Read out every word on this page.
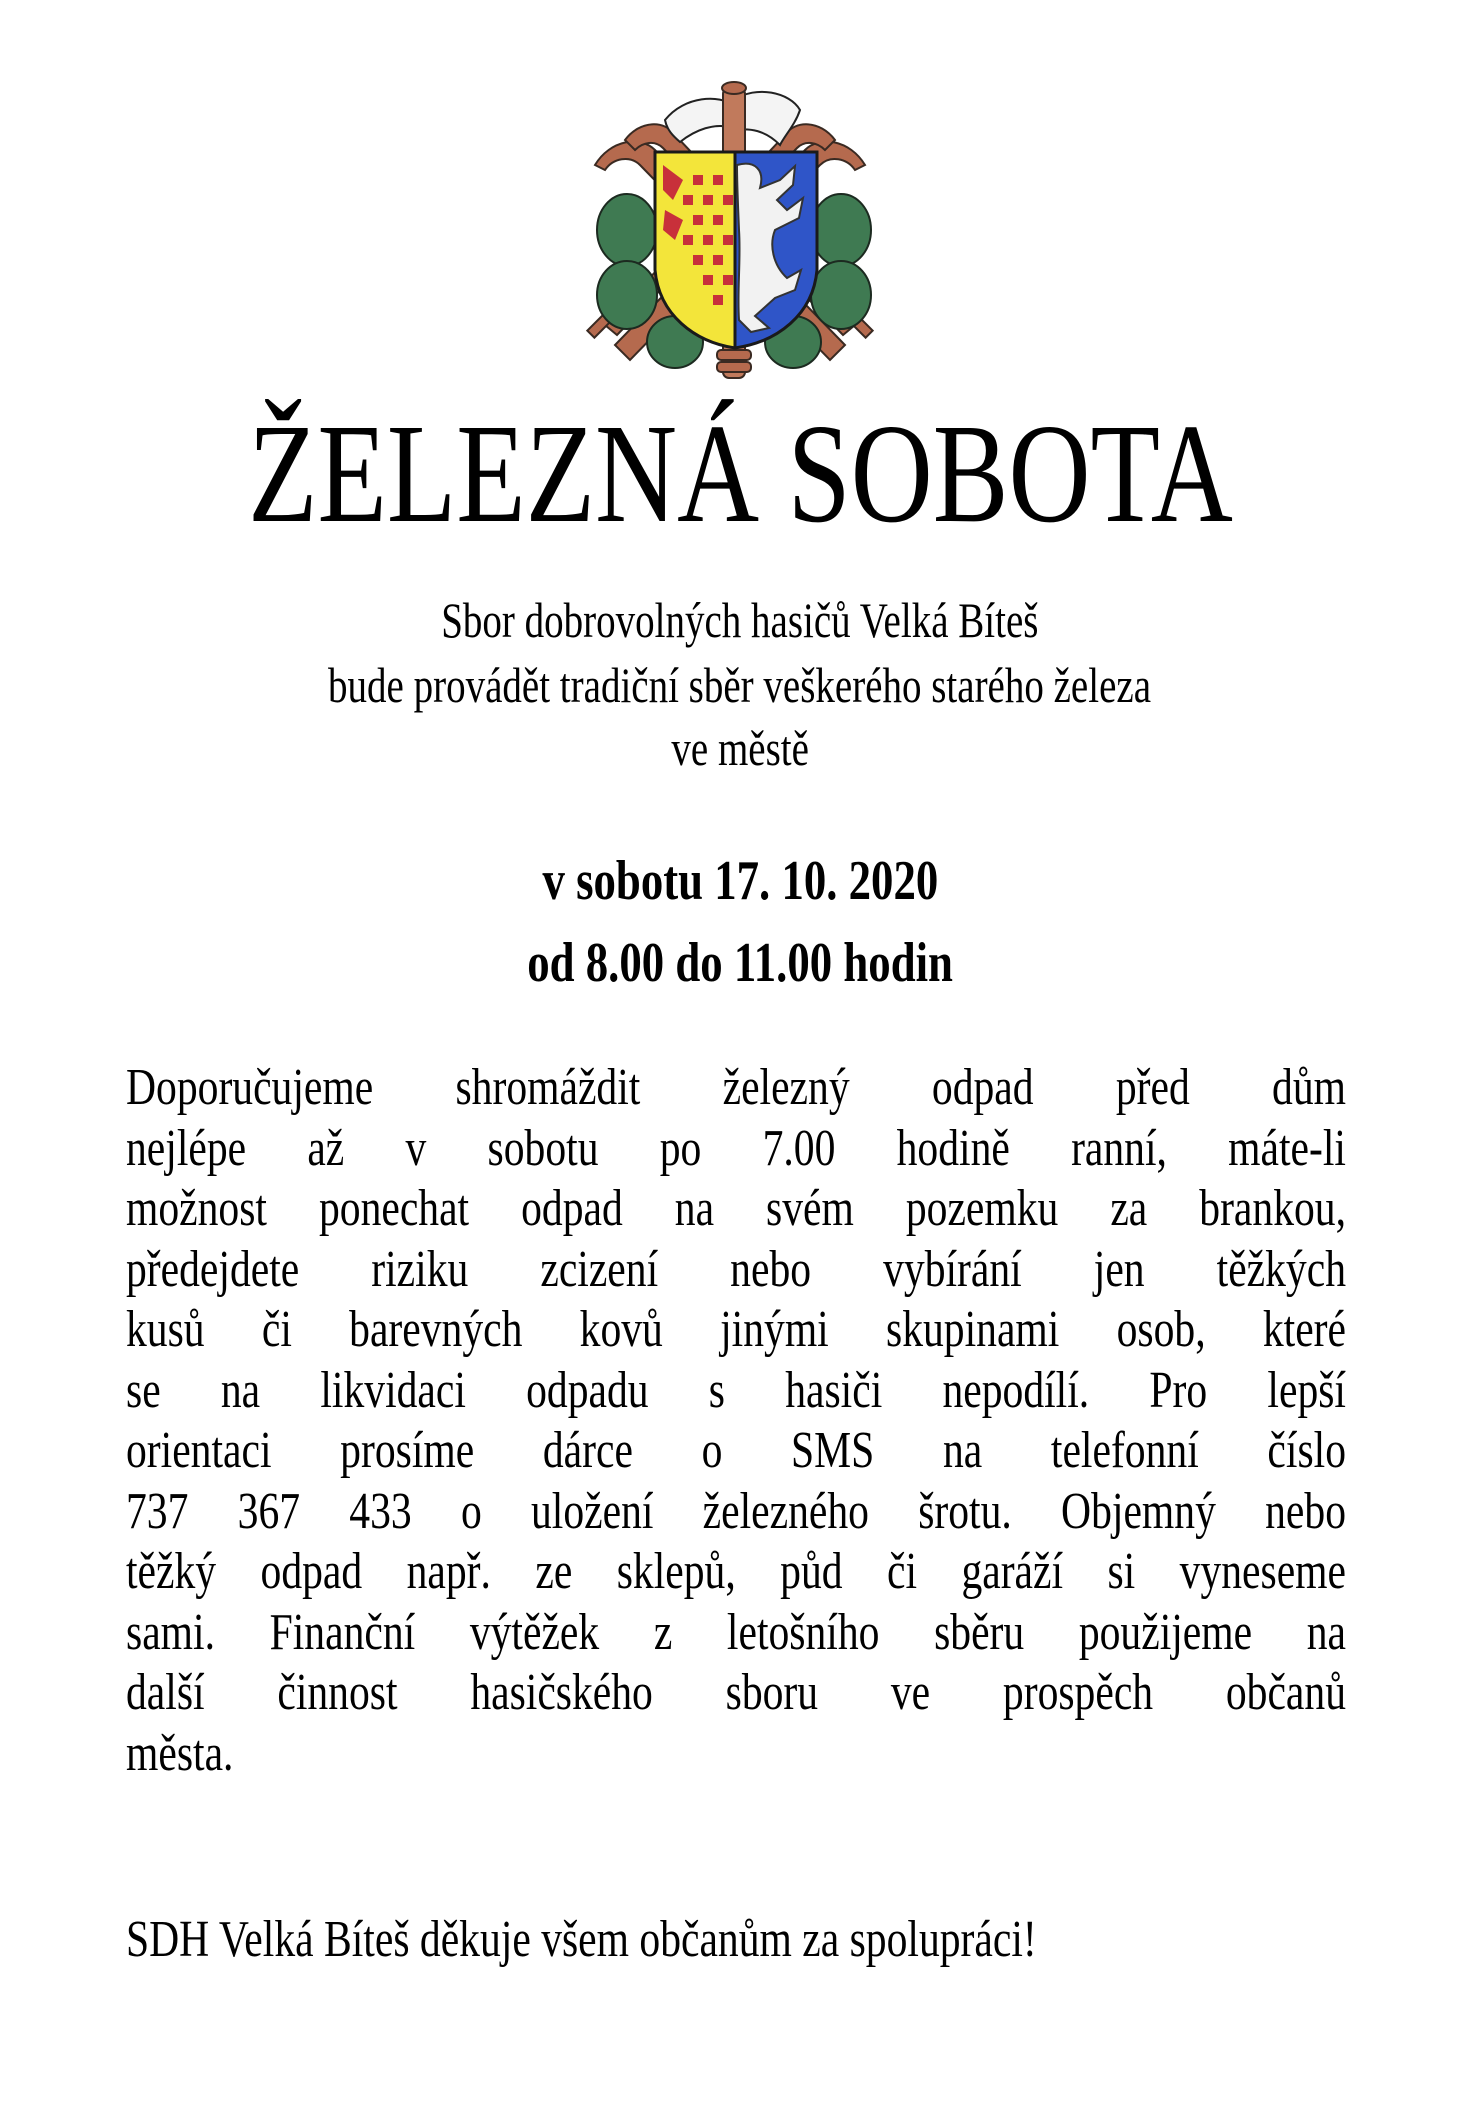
ŽELEZNÁ SOBOTA
Sbor dobrovolných hasičů Velká Bíteš
bude provádět tradiční sběr veškerého starého železa
ve městě
v sobotu 17. 10. 2020
od 8.00 do 11.00 hodin
Doporučujeme shromáždit železný odpad před dům
nejlépe až v sobotu po 7.00 hodině ranní, máte-li
možnost ponechat odpad na svém pozemku za brankou,
předejdete riziku zcizení nebo vybírání jen těžkých
kusů či barevných kovů jinými skupinami osob, které
se na likvidaci odpadu s hasiči nepodílí. Pro lepší
orientaci prosíme dárce o SMS na telefonní číslo
737 367 433 o uložení železného šrotu. Objemný nebo
těžký odpad např. ze sklepů, půd či garáží si vyneseme
sami. Finanční výtěžek z letošního sběru použijeme na
další činnost hasičského sboru ve prospěch občanů
města.
SDH Velká Bíteš děkuje všem občanům za spolupráci!
